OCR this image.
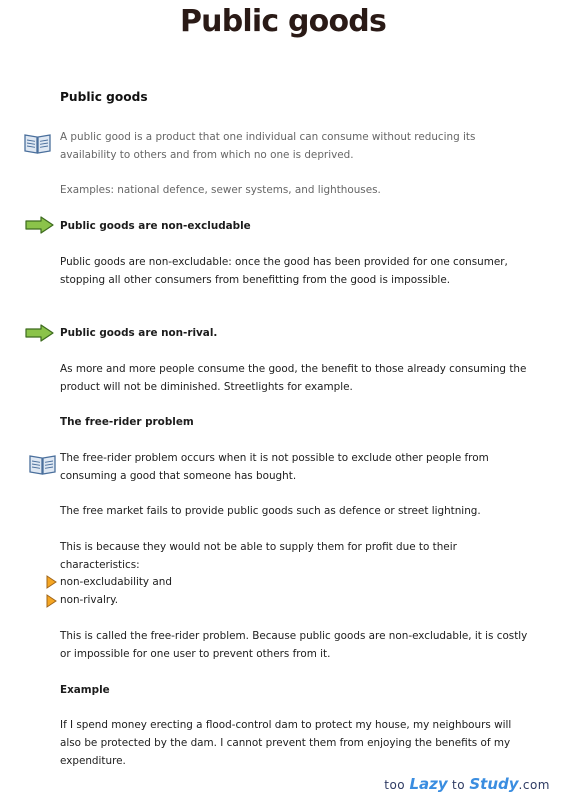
Public goods
Public goods
A public good is a product that one individual can consume without reducing its availability to others and from which no one is deprived.
Examples: national defence, sewer systems, and lighthouses.
Public goods are non-excludable
Public goods are non-excludable: once the good has been provided for one consumer, stopping all other consumers from benefitting from the good is impossible.
Public goods are non-rival.
As more and more people consume the good, the benefit to those already consuming the product will not be diminished. Streetlights for example.
The free-rider problem
The free-rider problem occurs when it is not possible to exclude other people from consuming a good that someone has bought.
The free market fails to provide public goods such as defence or street lightning.
This is because they would not be able to supply them for profit due to their characteristics:
non-excludability and
non-rivalry.
This is called the free-rider problem. Because public goods are non-excludable, it is costly or impossible for one user to prevent others from it.
Example
If I spend money erecting a flood-control dam to protect my house, my neighbours will also be protected by the dam. I cannot prevent them from enjoying the benefits of my expenditure.
too Lazy to Study.com
